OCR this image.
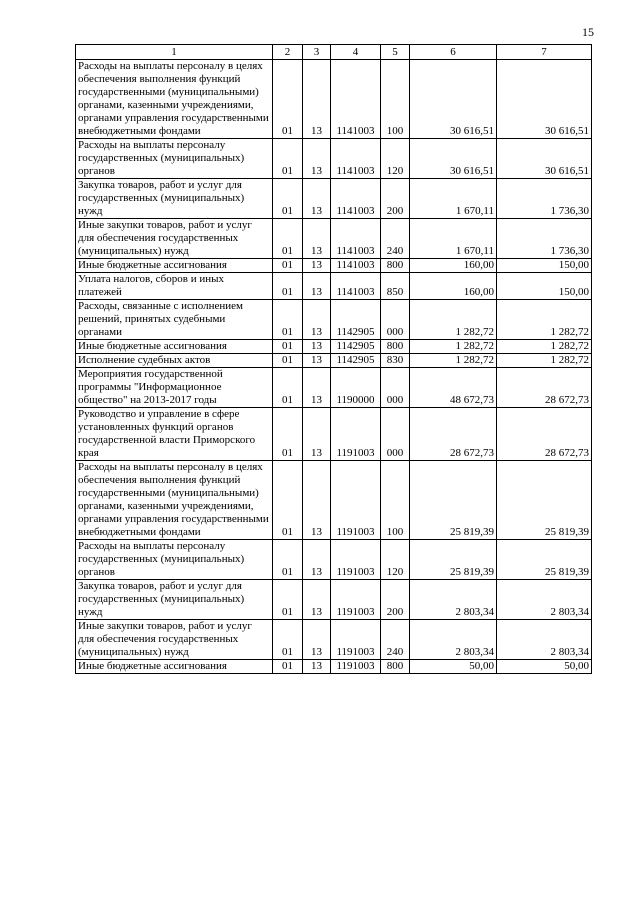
15
1	2	3	4	5	6	7
Расходы на выплаты персоналу в целях обеспечения выполнения функций государственными (муниципальными) органами, казенными учреждениями, органами управления государственными внебюджетными фондами	01	13	1141003	100	30 616,51	30 616,51
Расходы на выплаты персоналу государственных (муниципальных) органов	01	13	1141003	120	30 616,51	30 616,51
Закупка товаров, работ и услуг для государственных (муниципальных) нужд	01	13	1141003	200	1 670,11	1 736,30
Иные закупки товаров, работ и услуг для обеспечения государственных (муниципальных) нужд	01	13	1141003	240	1 670,11	1 736,30
Иные бюджетные ассигнования	01	13	1141003	800	160,00	150,00
Уплата налогов, сборов и иных платежей	01	13	1141003	850	160,00	150,00
Расходы, связанные с исполнением решений, принятых судебными органами	01	13	1142905	000	1 282,72	1 282,72
Иные бюджетные ассигнования	01	13	1142905	800	1 282,72	1 282,72
Исполнение судебных актов	01	13	1142905	830	1 282,72	1 282,72
Мероприятия государственной программы "Информационное общество" на 2013-2017 годы	01	13	1190000	000	48 672,73	28 672,73
Руководство и управление в сфере установленных функций органов государственной власти Приморского края	01	13	1191003	000	28 672,73	28 672,73
Расходы на выплаты персоналу в целях обеспечения выполнения функций государственными (муниципальными) органами, казенными учреждениями, органами управления государственными внебюджетными фондами	01	13	1191003	100	25 819,39	25 819,39
Расходы на выплаты персоналу государственных (муниципальных) органов	01	13	1191003	120	25 819,39	25 819,39
Закупка товаров, работ и услуг для государственных (муниципальных) нужд	01	13	1191003	200	2 803,34	2 803,34
Иные закупки товаров, работ и услуг для обеспечения государственных (муниципальных) нужд	01	13	1191003	240	2 803,34	2 803,34
Иные бюджетные ассигнования	01	13	1191003	800	50,00	50,00
